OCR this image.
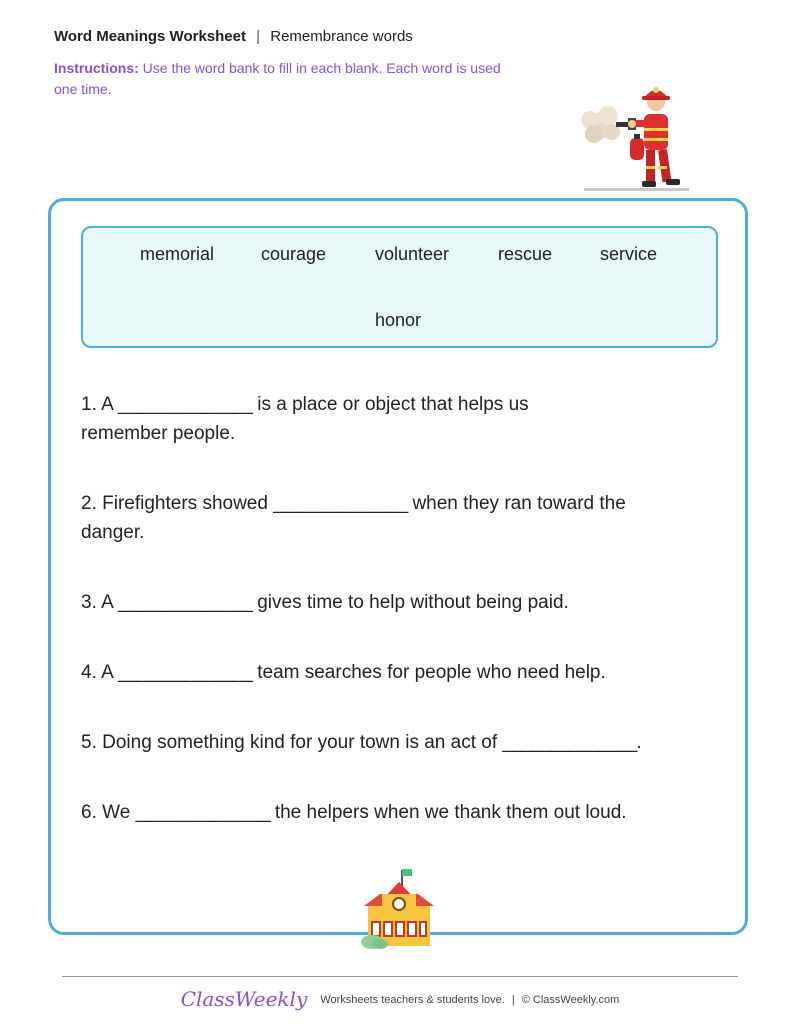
Word Meanings Worksheet | Remembrance words
Instructions: Use the word bank to fill in each blank. Each word is used one time.
memorial	courage	volunteer	rescue	service
honor
1. A ______________ is a place or object that helps us remember people.
2. Firefighters showed ______________ when they ran toward the danger.
3. A ______________ gives time to help without being paid.
4. A ______________ team searches for people who need help.
5. Doing something kind for your town is an act of ______________.
6. We ______________ the helpers when we thank them out loud.
ClassWeekly Worksheets teachers & students love. | © ClassWeekly.com
